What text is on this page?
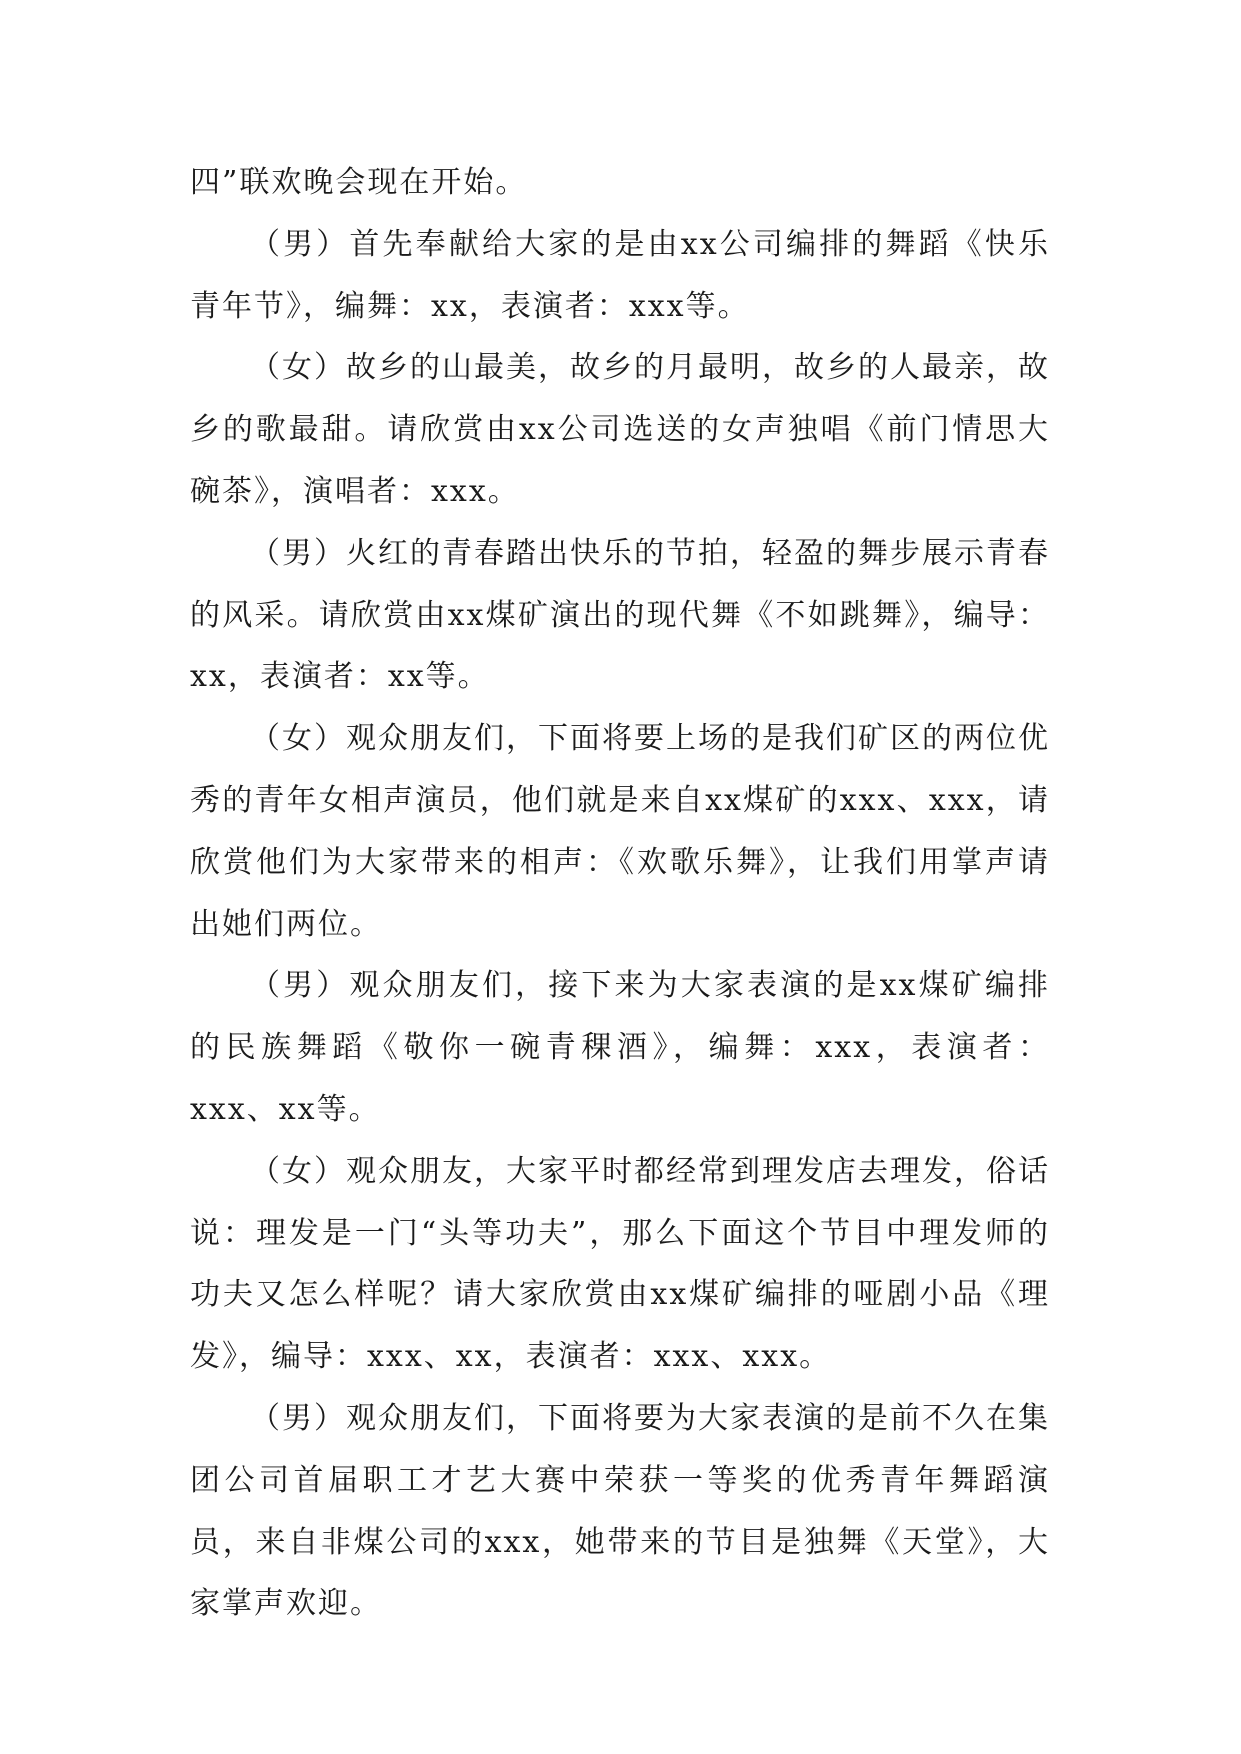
四”联欢晚会现在开始。

（男）首先奉献给大家的是由xx公司编排的舞蹈《快乐青年节》，编舞：xx，表演者：xxx等。

（女）故乡的山最美，故乡的月最明，故乡的人最亲，故乡的歌最甜。请欣赏由xx公司选送的女声独唱《前门情思大碗茶》，演唱者：xxx。

（男）火红的青春踏出快乐的节拍，轻盈的舞步展示青春的风采。请欣赏由xx煤矿演出的现代舞《不如跳舞》，编导：xx，表演者：xx等。

（女）观众朋友们，下面将要上场的是我们矿区的两位优秀的青年女相声演员，他们就是来自xx煤矿的xxx、xxx，请欣赏他们为大家带来的相声：《欢歌乐舞》，让我们用掌声请出她们两位。

（男）观众朋友们，接下来为大家表演的是xx煤矿编排的民族舞蹈《敬你一碗青稞酒》，编舞：xxx，表演者：xxx、xx等。

（女）观众朋友，大家平时都经常到理发店去理发，俗话说：理发是一门“头等功夫”，那么下面这个节目中理发师的功夫又怎么样呢？请大家欣赏由xx煤矿编排的哑剧小品《理发》，编导：xxx、xx，表演者：xxx、xxx。

（男）观众朋友们，下面将要为大家表演的是前不久在集团公司首届职工才艺大赛中荣获一等奖的优秀青年舞蹈演员，来自非煤公司的xxx，她带来的节目是独舞《天堂》，大家掌声欢迎。
